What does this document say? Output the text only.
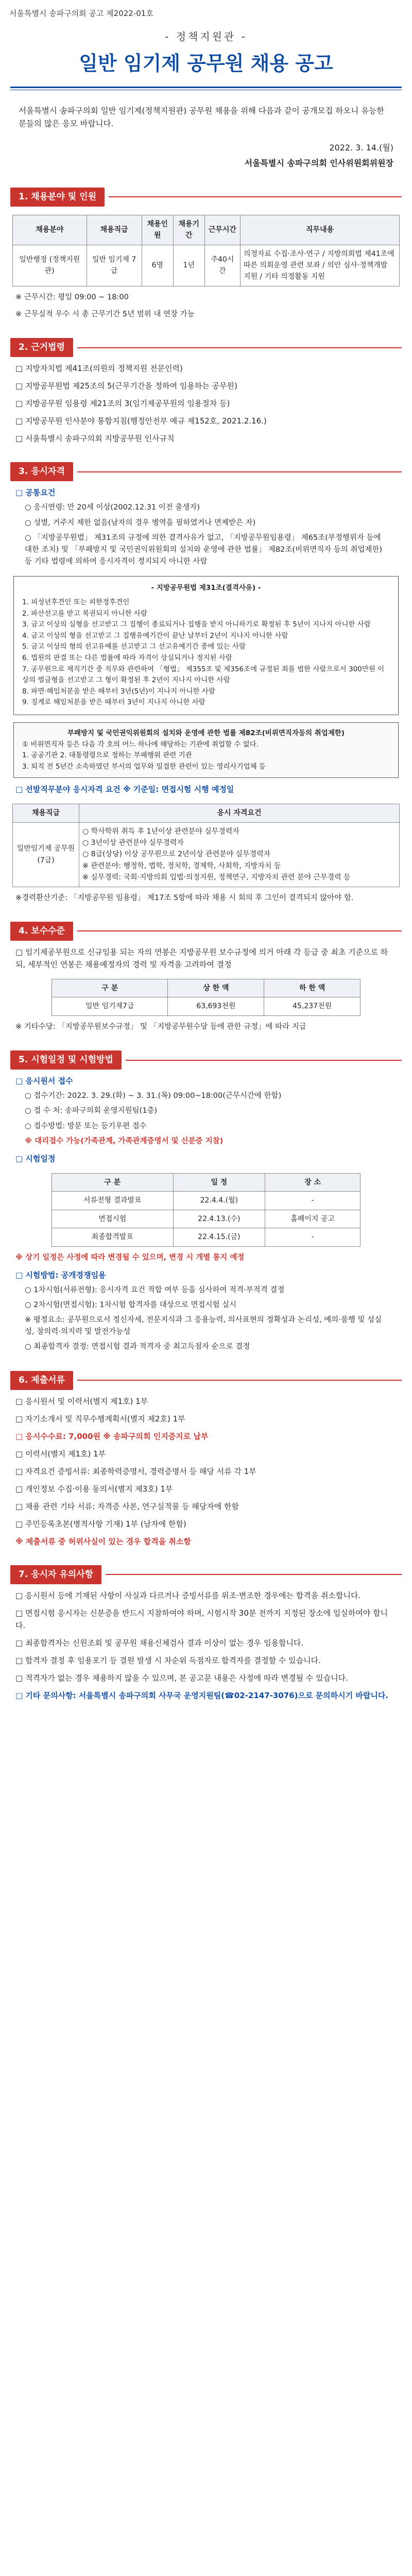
서울특별시 송파구의회 공고 제2022-01호
- 정책지원관 -
일반 임기제 공무원 채용 공고
서울특별시 송파구의회 일반 임기제(정책지원관) 공무원 채용을 위해 다음과 같이 공개모집 하오니 유능한 분들의 많은 응모 바랍니다.
2022. 3. 14.(월)
서울특별시 송파구의회 인사위원회위원장
1. 채용분야 및 인원
채용분야	채용직급	채용인원	채용기간	근무시간	직무내용
일반행정 (정책지원관)	일반 임기제 7급	6명	1년	주40시간	의정자료 수집·조사·연구 / 지방의회법 제41조에따른 의회운영 관련 보좌 / 의안 심사·정책개발 지원 / 기타 의정활동 지원
※ 근무시간: 평일 09:00 ~ 18:00
※ 근무실적 우수 시 총 근무기간 5년 범위 내 연장 가능
2. 근거법령
□ 지방자치법 제41조(의원의 정책지원 전문인력)
□ 지방공무원법 제25조의 5(근무기간을 정하여 임용하는 공무원)
□ 지방공무원 임용령 제21조의 3(임기제공무원의 임용절차 등)
□ 지방공무원 인사분야 통합지침(행정안전부 예규 제152호, 2021.2.16.)
□ 서울특별시 송파구의회 지방공무원 인사규칙
3. 응시자격
□ 공통요건
○ 응시연령: 만 20세 이상(2002.12.31 이전 출생자)
○ 성별, 거주지 제한 없음(남자의 경우 병역을 필하였거나 면제받은 자)
○ 「지방공무원법」 제31조의 규정에 의한 결격사유가 없고, 「지방공무원임용령」 제65조(부정행위자 등에 대한 조치) 및 「부패방지 및 국민권익위원회의 설치와 운영에 관한 법률」 제82조(비위면직자 등의 취업제한) 등 기타 법령에 의하여 응시자격이 정지되지 아니한 사람
- 지방공무원법 제31조(결격사유) -
1. 피성년후견인 또는 피한정후견인
2. 파산선고를 받고 복권되지 아니한 사람
3. 금고 이상의 실형을 선고받고 그 집행이 종료되거나 집행을 받지 아니하기로 확정된 후 5년이 지나지 아니한 사람
4. 금고 이상의 형을 선고받고 그 집행유예기간이 끝난 날부터 2년이 지나지 아니한 사람
5. 금고 이상의 형의 선고유예를 선고받고 그 선고유예기간 중에 있는 사람
6. 법원의 판결 또는 다른 법률에 따라 자격이 상실되거나 정지된 사람
7. 공무원으로 재직기간 중 직무와 관련하여 「형법」 제355조 및 제356조에 규정된 죄를 범한 사람으로서 300만원 이상의 벌금형을 선고받고 그 형이 확정된 후 2년이 지나지 아니한 사람
8. 파면·해임처분을 받은 때부터 3년(5년)이 지나지 아니한 사람
9. 징계로 해임처분을 받은 때부터 3년이 지나지 아니한 사람
부패방지 및 국민권익위원회의 설치와 운영에 관한 법률 제82조(비위면직자등의 취업제한)
① 비위면직자 등은 다음 각 호의 어느 하나에 해당하는 기관에 취업할 수 없다.
1. 공공기관 2. 대통령령으로 정하는 부패행위 관련 기관
3. 퇴직 전 5년간 소속하였던 부서의 업무와 밀접한 관련이 있는 영리사기업체 등
□ 선발직무분야 응시자격 요건 ※ 기준일: 면접시험 시행 예정일
채용직급	응시 자격요건
일반임기제 공무원(7급)	○ 학사학위 취득 후 1년이상 관련분야 실무경력자
○ 3년이상 관련분야 실무경력자
○ 8급(상당) 이상 공무원으로 2년이상 관련분야 실무경력자
※ 관련분야: 행정학, 법학, 정치학, 경제학, 사회학, 지방자치 등
※ 실무경력: 국회·지방의회 입법·의정지원, 정책연구, 지방자치 관련 분야 근무경력 등
※경력환산기준: 「지방공무원 임용령」 제17조 5항에 따라 채용 시 회의 후 그인이 결격되지 않아야 함.
4. 보수수준
□ 임기제공무원으로 신규임용 되는 자의 연봉은 지방공무원 보수규정에 의거 아래 각 등급 중 최초 기준으로 하되, 세부적인 연봉은 채용예정자의 경력 및 자격을 고려하여 결정
구 분	상 한 액	하 한 액
일반 임기제7급	63,693천원	45,237천원
※ 기타수당: 「지방공무원보수규정」 및 「지방공무원수당 등에 관한 규정」에 따라 지급
5. 시험일정 및 시험방법
□ 응시원서 접수
○ 접수기간: 2022. 3. 29.(화) ~ 3. 31.(목) 09:00~18:00(근무시간에 한함)
○ 접 수 처: 송파구의회 운영지원팀(1층)
○ 접수방법: 방문 또는 등기우편 접수
※ 대리접수 가능(가족관계, 가족관계증명서 및 신분증 지참)
□ 시험일정
구 분	일 정	장 소
서류전형 결과발표	22.4.4.(월)	-
면접시험	22.4.13.(수)	홈페이지 공고
최종합격발표	22.4.15.(금)	-
※ 상기 일정은 사정에 따라 변경될 수 있으며, 변경 시 개별 통지 예정
□ 시험방법: 공개경쟁임용
○ 1차시험(서류전형): 응시자격 요건 적합 여부 등을 심사하여 적격·부적격 결정
○ 2차시험(면접시험): 1차시험 합격자를 대상으로 면접시험 실시
※ 평정요소: 공무원으로서 정신자세, 전문지식과 그 응용능력, 의사표현의 정확성과 논리성, 예의·품행 및 성실성, 창의력·의지력 및 발전가능성
○ 최종합격자 결정: 면접시험 결과 적격자 중 최고득점자 순으로 결정
6. 제출서류
□ 응시원서 및 이력서(별지 제1호) 1부
□ 자기소개서 및 직무수행계획서(별지 제2호) 1부
□ 응시수수료: 7,000원 ※ 송파구의회 인지증지로 납부
□ 이력서(별지 제1호) 1부
□ 자격요건 증빙서류: 최종학력증명서, 경력증명서 등 해당 서류 각 1부
□ 개인정보 수집·이용 동의서(별지 제3호) 1부
□ 채용 관련 기타 서류: 자격증 사본, 연구실적물 등 해당자에 한함
□ 주민등록초본(병적사항 기재) 1부 (남자에 한함)
※ 제출서류 중 허위사실이 있는 경우 합격을 취소함
7. 응시자 유의사항
□ 응시원서 등에 기재된 사항이 사실과 다르거나 증빙서류를 위조·변조한 경우에는 합격을 취소합니다.
□ 면접시험 응시자는 신분증을 반드시 지참하여야 하며, 시험시작 30분 전까지 지정된 장소에 입실하여야 합니다.
□ 최종합격자는 신원조회 및 공무원 채용신체검사 결과 이상이 없는 경우 임용합니다.
□ 합격자 결정 후 임용포기 등 결원 발생 시 차순위 득점자로 합격자를 결정할 수 있습니다.
□ 적격자가 없는 경우 채용하지 않을 수 있으며, 본 공고문 내용은 사정에 따라 변경될 수 있습니다.
□ 기타 문의사항: 서울특별시 송파구의회 사무국 운영지원팀(☎02-2147-3076)으로 문의하시기 바랍니다.
